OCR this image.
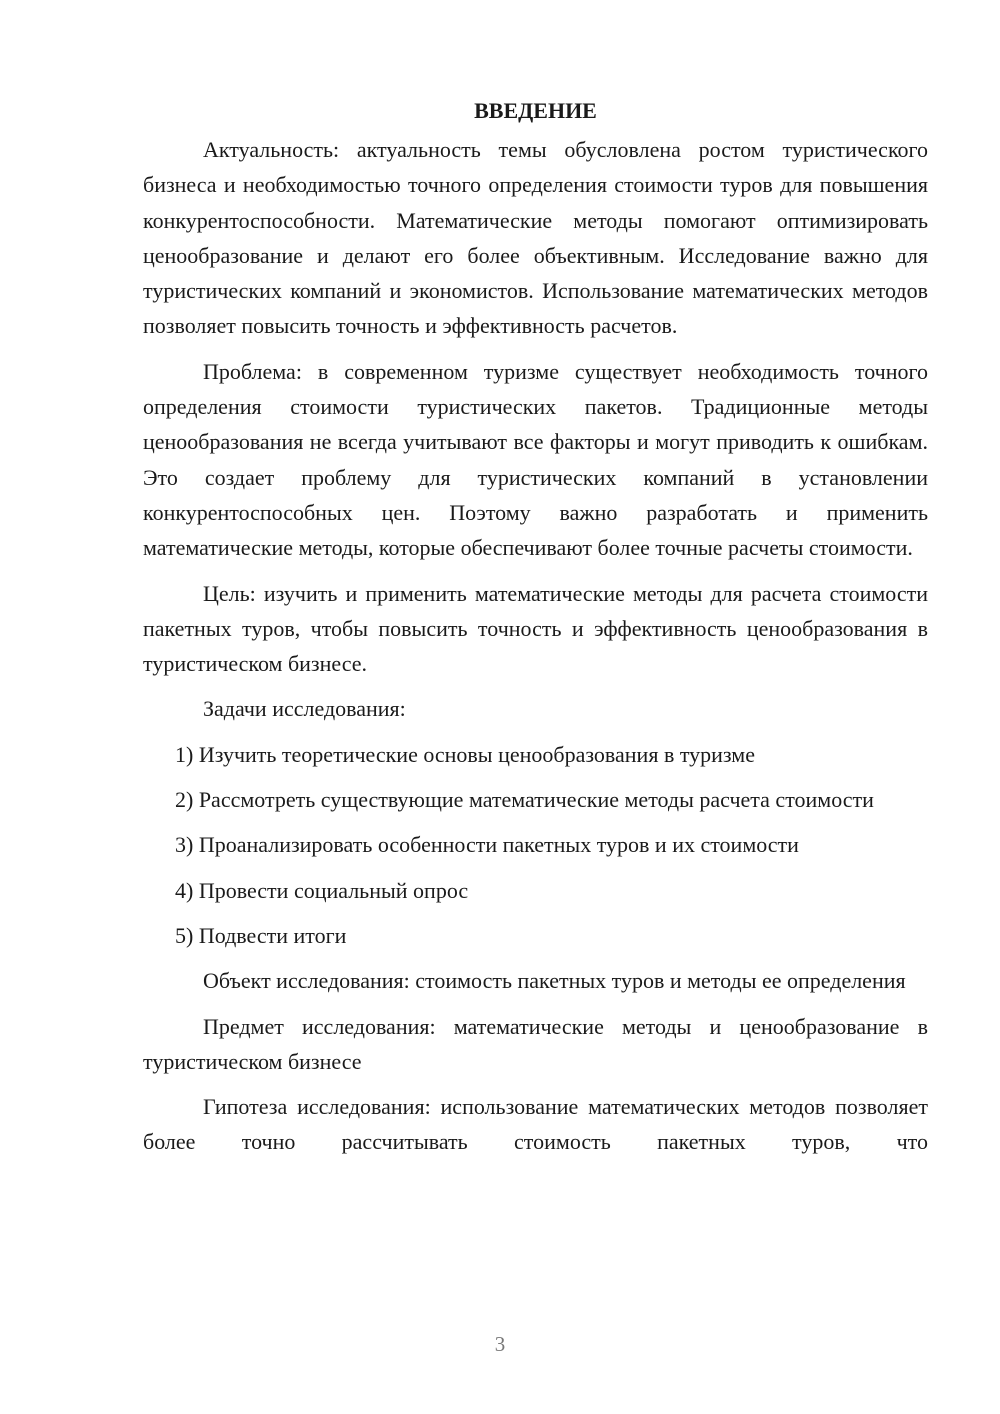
ВВЕДЕНИЕ

Актуальность: актуальность темы обусловлена ростом туристического бизнеса и необходимостью точного определения стоимости туров для повышения конкурентоспособности. Математические методы помогают оптимизировать ценообразование и делают его более объективным. Исследование важно для туристических компаний и экономистов. Использование математических методов позволяет повысить точность и эффективность расчетов.

Проблема: в современном туризме существует необходимость точного определения стоимости туристических пакетов. Традиционные методы ценообразования не всегда учитывают все факторы и могут приводить к ошибкам. Это создает проблему для туристических компаний в установлении конкурентоспособных цен. Поэтому важно разработать и применить математические методы, которые обеспечивают более точные расчеты стоимости.

Цель: изучить и применить математические методы для расчета стоимости пакетных туров, чтобы повысить точность и эффективность ценообразования в туристическом бизнесе.

Задачи исследования:

1) Изучить теоретические основы ценообразования в туризме

2) Рассмотреть существующие математические методы расчета стоимости

3) Проанализировать особенности пакетных туров и их стоимости

4) Провести социальный опрос

5) Подвести итоги

Объект исследования: стоимость пакетных туров и методы ее определения

Предмет исследования: математические методы и ценообразование в туристическом бизнесе

Гипотеза исследования: использование математических методов позволяет более точно рассчитывать стоимость пакетных туров, что

3
